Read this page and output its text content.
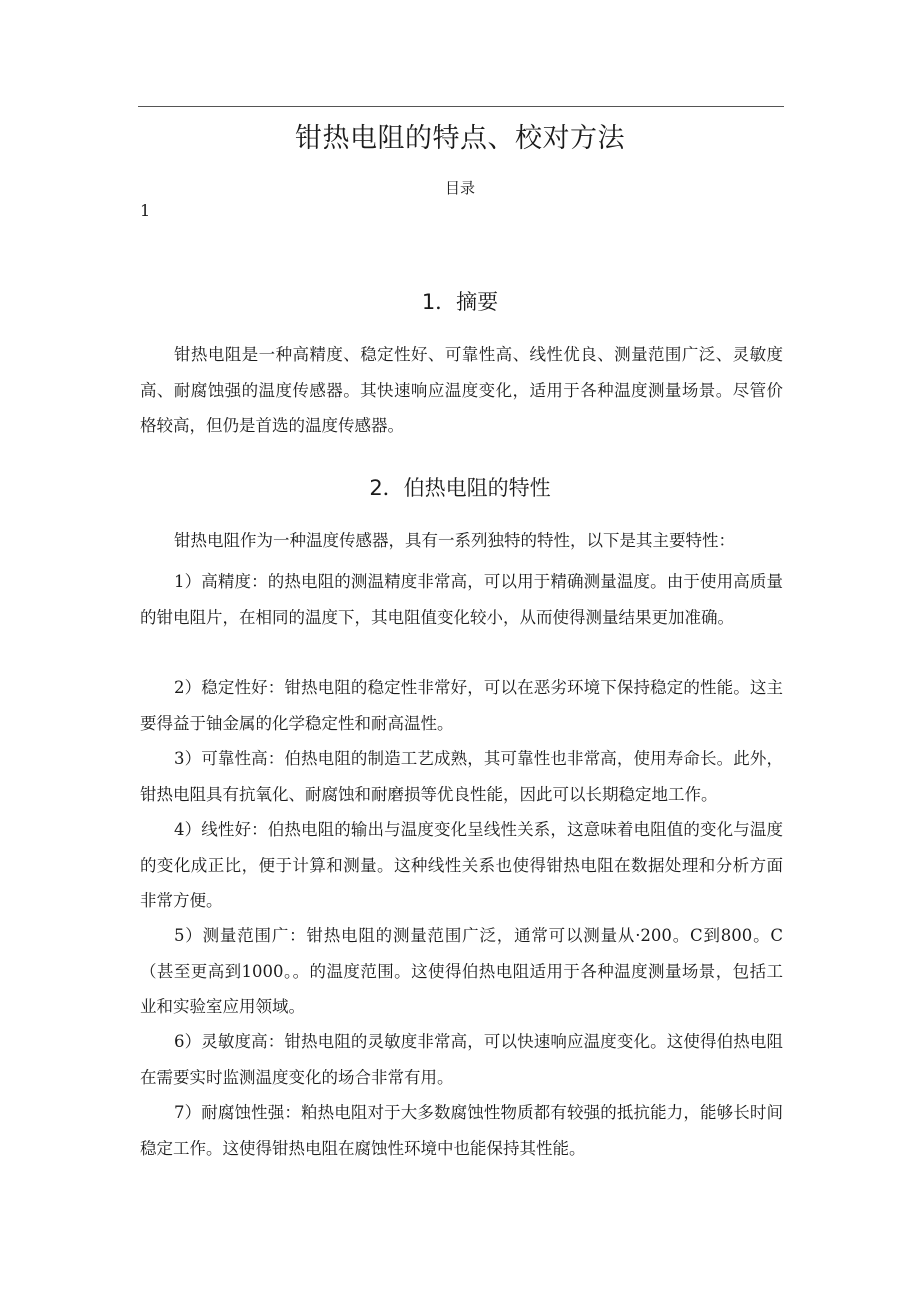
钳热电阻的特点、校对方法
目录
1
1．摘要

钳热电阻是一种高精度、稳定性好、可靠性高、线性优良、测量范围广泛、灵敏度高、耐腐蚀强的温度传感器。其快速响应温度变化，适用于各种温度测量场景。尽管价格较高，但仍是首选的温度传感器。

2．伯热电阻的特性

钳热电阻作为一种温度传感器，具有一系列独特的特性，以下是其主要特性：

1）高精度：的热电阻的测温精度非常高，可以用于精确测量温度。由于使用高质量的钳电阻片，在相同的温度下，其电阻值变化较小，从而使得测量结果更加准确。

2）稳定性好：钳热电阻的稳定性非常好，可以在恶劣环境下保持稳定的性能。这主要得益于铀金属的化学稳定性和耐高温性。

3）可靠性高：伯热电阻的制造工艺成熟，其可靠性也非常高，使用寿命长。此外，钳热电阻具有抗氧化、耐腐蚀和耐磨损等优良性能，因此可以长期稳定地工作。

4）线性好：伯热电阻的输出与温度变化呈线性关系，这意味着电阻值的变化与温度的变化成正比，便于计算和测量。这种线性关系也使得钳热电阻在数据处理和分析方面非常方便。

5）测量范围广：钳热电阻的测量范围广泛，通常可以测量从·200。C到800。C（甚至更高到1000。。的温度范围。这使得伯热电阻适用于各种温度测量场景，包括工业和实验室应用领域。

6）灵敏度高：钳热电阻的灵敏度非常高，可以快速响应温度变化。这使得伯热电阻在需要实时监测温度变化的场合非常有用。

7）耐腐蚀性强：粕热电阻对于大多数腐蚀性物质都有较强的抵抗能力，能够长时间稳定工作。这使得钳热电阻在腐蚀性环境中也能保持其性能。
